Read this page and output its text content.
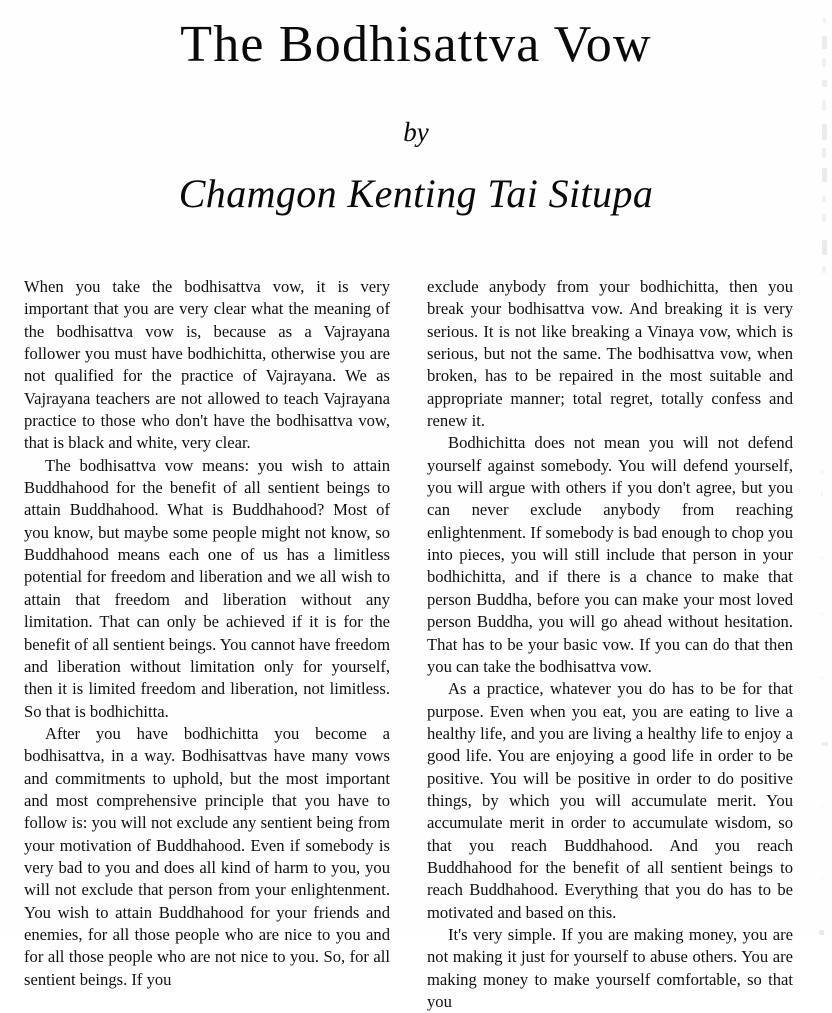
The Bodhisattva Vow
by
Chamgon Kenting Tai Situpa

When you take the bodhisattva vow, it is very important that you are very clear what the meaning of the bodhisattva vow is, because as a Vajrayana follower you must have bodhichitta, otherwise you are not qualified for the practice of Vajrayana. We as Vajrayana teachers are not allowed to teach Vajrayana practice to those who don't have the bodhisattva vow, that is black and white, very clear.

The bodhisattva vow means: you wish to attain Buddhahood for the benefit of all sentient beings to attain Buddhahood. What is Buddhahood? Most of you know, but maybe some people might not know, so Buddhahood means each one of us has a limitless potential for freedom and liberation and we all wish to attain that freedom and liberation without any limitation. That can only be achieved if it is for the benefit of all sentient beings. You cannot have freedom and liberation without limitation only for yourself, then it is limited freedom and liberation, not limitless. So that is bodhichitta.

After you have bodhichitta you become a bodhisattva, in a way. Bodhisattvas have many vows and commitments to uphold, but the most important and most comprehensive principle that you have to follow is: you will not exclude any sentient being from your motivation of Buddhahood. Even if somebody is very bad to you and does all kind of harm to you, you will not exclude that person from your enlightenment. You wish to attain Buddhahood for your friends and enemies, for all those people who are nice to you and for all those people who are not nice to you. So, for all sentient beings. If you

exclude anybody from your bodhichitta, then you break your bodhisattva vow. And breaking it is very serious. It is not like breaking a Vinaya vow, which is serious, but not the same. The bodhisattva vow, when broken, has to be repaired in the most suitable and appropriate manner; total regret, totally confess and renew it.

Bodhichitta does not mean you will not defend yourself against somebody. You will defend yourself, you will argue with others if you don't agree, but you can never exclude anybody from reaching enlightenment. If somebody is bad enough to chop you into pieces, you will still include that person in your bodhichitta, and if there is a chance to make that person Buddha, before you can make your most loved person Buddha, you will go ahead without hesitation. That has to be your basic vow. If you can do that then you can take the bodhisattva vow.

As a practice, whatever you do has to be for that purpose. Even when you eat, you are eating to live a healthy life, and you are living a healthy life to enjoy a good life. You are enjoying a good life in order to be positive. You will be positive in order to do positive things, by which you will accumulate merit. You accumulate merit in order to accumulate wisdom, so that you reach Buddhahood. And you reach Buddhahood for the benefit of all sentient beings to reach Buddhahood. Everything that you do has to be motivated and based on this.

It's very simple. If you are making money, you are not making it just for yourself to abuse others. You are making money to make yourself comfortable, so that you
